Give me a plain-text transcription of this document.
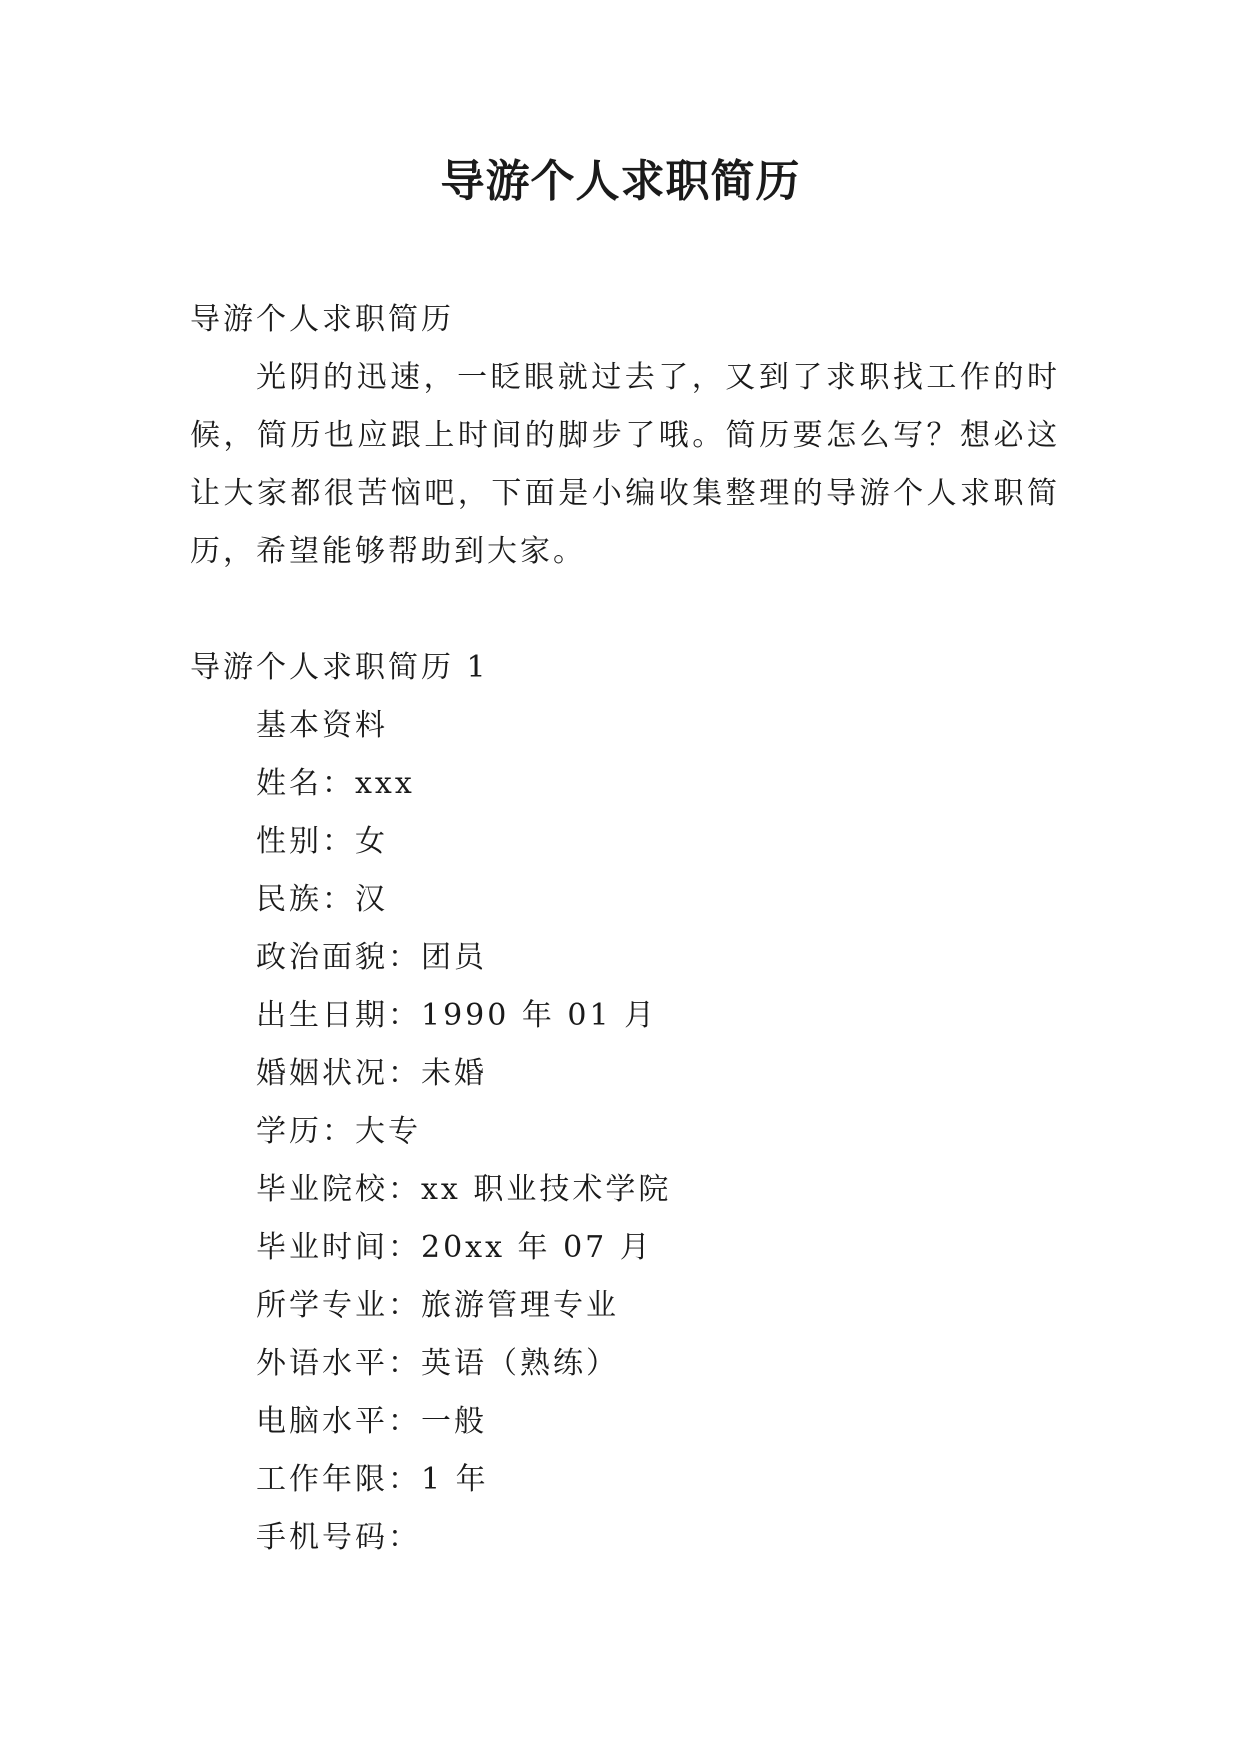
导游个人求职简历

导游个人求职简历

光阴的迅速，一眨眼就过去了，又到了求职找工作的时候，简历也应跟上时间的脚步了哦。简历要怎么写？想必这让大家都很苦恼吧，下面是小编收集整理的导游个人求职简历，希望能够帮助到大家。

导游个人求职简历 1

基本资料

姓名：xxx

性别：女

民族：汉

政治面貌：团员

出生日期：1990 年 01 月

婚姻状况：未婚

学历：大专

毕业院校：xx 职业技术学院

毕业时间：20xx 年 07 月

所学专业：旅游管理专业

外语水平：英语（熟练）

电脑水平：一般

工作年限：1 年

手机号码：
